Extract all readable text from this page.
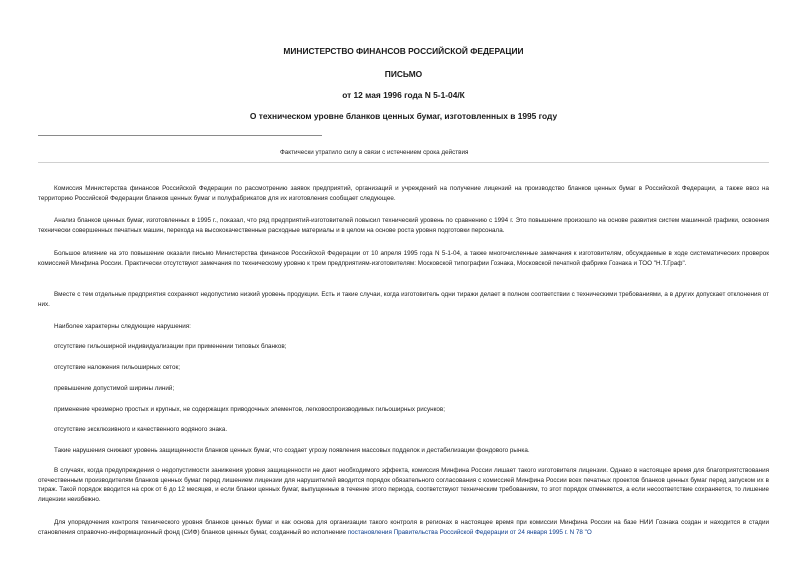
МИНИСТЕРСТВО ФИНАНСОВ РОССИЙСКОЙ ФЕДЕРАЦИИ
ПИСЬМО
от 12 мая 1996 года N 5-1-04/К
О техническом уровне бланков ценных бумаг, изготовленных в 1995 году
Фактически утратило силу в связи с истечением срока действия

Комиссия Министерства финансов Российской Федерации по рассмотрению заявок предприятий, организаций и учреждений на получение лицензий на производство бланков ценных бумаг в Российской Федерации, а также ввоз на территорию Российской Федерации бланков ценных бумаг и полуфабрикатов для их изготовления сообщает следующее.

Анализ бланков ценных бумаг, изготовленных в 1995 г., показал, что ряд предприятий-изготовителей повысил технический уровень по сравнению с 1994 г. Это повышение произошло на основе развития систем машинной графики, освоения технически совершенных печатных машин, перехода на высококачественные расходные материалы и в целом на основе роста уровня подготовки персонала.

Большое влияние на это повышение оказали письмо Министерства финансов Российской Федерации от 10 апреля 1995 года N 5-1-04, а также многочисленные замечания к изготовителям, обсуждаемые в ходе систематических проверок комиссией Минфина России. Практически отсутствуют замечания по техническому уровню к трем предприятиям-изготовителям: Московской типографии Гознака, Московской печатной фабрике Гознака и ТОО "Н.Т.Граф".

Вместе с тем отдельные предприятия сохраняют недопустимо низкий уровень продукции. Есть и такие случаи, когда изготовитель одни тиражи делает в полном соответствии с техническими требованиями, а в других допускает отклонения от них.

Наиболее характерны следующие нарушения:

отсутствие гильоширной индивидуализации при применении типовых бланков;

отсутствие наложения гильоширных сеток;

превышение допустимой ширины линий;

применение чрезмерно простых и крупных, не содержащих приводочных элементов, легковоспроизводимых гильоширных рисунков;

отсутствие эксклюзивного и качественного водяного знака.

Такие нарушения снижают уровень защищенности бланков ценных бумаг, что создает угрозу появления массовых подделок и дестабилизации фондового рынка.

В случаях, когда предупреждения о недопустимости занижения уровня защищенности не дают необходимого эффекта, комиссия Минфина России лишает такого изготовителя лицензии. Однако в настоящее время для благоприятствования отечественным производителям бланков ценных бумаг перед лишением лицензии для нарушителей вводится порядок обязательного согласования с комиссией Минфина России всех печатных проектов бланков ценных бумаг перед запуском их в тираж. Такой порядок вводится на срок от 6 до 12 месяцев, и если бланки ценных бумаг, выпущенные в течение этого периода, соответствуют техническим требованиям, то этот порядок отменяется, а если несоответствие сохраняется, то лишение лицензии неизбежно.

Для упорядочения контроля технического уровня бланков ценных бумаг и как основа для организации такого контроля в регионах в настоящее время при комиссии Минфина России на базе НИИ Гознака создан и находится в стадии становления справочно-информационный фонд (СИФ) бланков ценных бумаг, созданный во исполнение постановления Правительства Российской Федерации от 24 января 1995 г. N 78 "О
